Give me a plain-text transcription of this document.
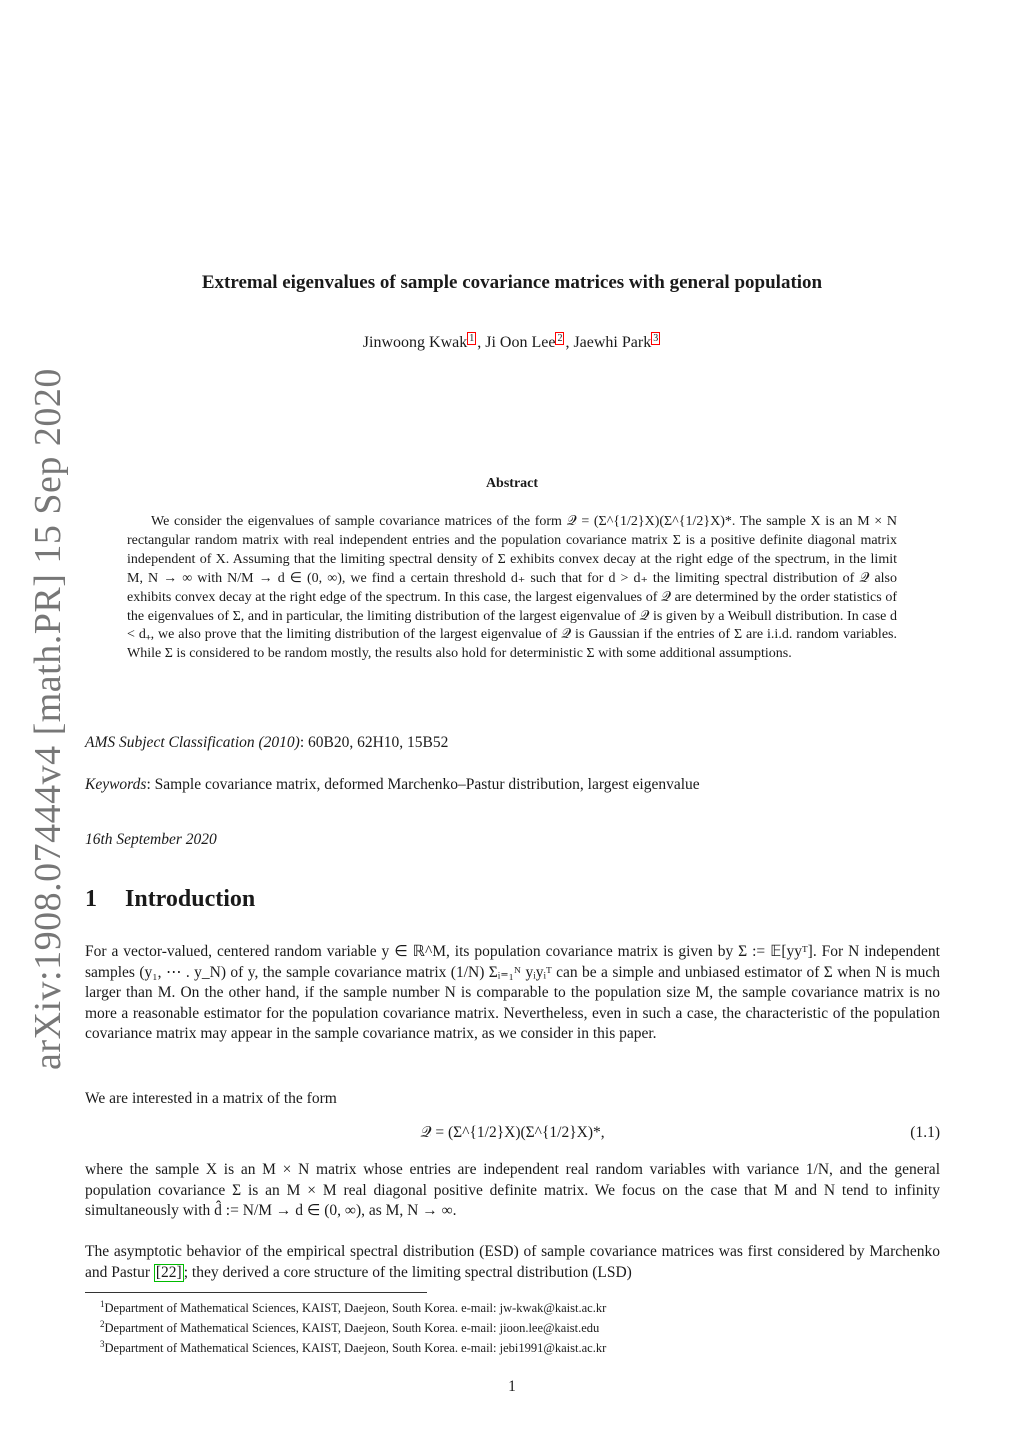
arXiv:1908.07444v4 [math.PR] 15 Sep 2020
Extremal eigenvalues of sample covariance matrices with general population
Jinwoong Kwak 1 , Ji Oon Lee 2 , Jaewhi Park 3
Abstract
We consider the eigenvalues of sample covariance matrices of the form 𝒬 = (Σ^{1/2}X)(Σ^{1/2}X)*. The sample X is an M × N rectangular random matrix with real independent entries and the population covariance matrix Σ is a positive definite diagonal matrix independent of X. Assuming that the limiting spectral density of Σ exhibits convex decay at the right edge of the spectrum, in the limit M, N → ∞ with N/M → d ∈ (0, ∞), we find a certain threshold d₊ such that for d > d₊ the limiting spectral distribution of 𝒬 also exhibits convex decay at the right edge of the spectrum. In this case, the largest eigenvalues of 𝒬 are determined by the order statistics of the eigenvalues of Σ, and in particular, the limiting distribution of the largest eigenvalue of 𝒬 is given by a Weibull distribution. In case d < d₊, we also prove that the limiting distribution of the largest eigenvalue of 𝒬 is Gaussian if the entries of Σ are i.i.d. random variables. While Σ is considered to be random mostly, the results also hold for deterministic Σ with some additional assumptions.
AMS Subject Classification (2010): 60B20, 62H10, 15B52
Keywords: Sample covariance matrix, deformed Marchenko–Pastur distribution, largest eigenvalue
16th September 2020
1 Introduction
For a vector-valued, centered random variable y ∈ ℝ^M, its population covariance matrix is given by Σ := 𝔼[yyᵀ]. For N independent samples (y₁, ⋯ . y_N) of y, the sample covariance matrix (1/N) Σᵢ₌₁ᴺ yᵢyᵢᵀ can be a simple and unbiased estimator of Σ when N is much larger than M. On the other hand, if the sample number N is comparable to the population size M, the sample covariance matrix is no more a reasonable estimator for the population covariance matrix. Nevertheless, even in such a case, the characteristic of the population covariance matrix may appear in the sample covariance matrix, as we consider in this paper.
We are interested in a matrix of the form
𝒬 = (Σ^{1/2}X)(Σ^{1/2}X)*,	(1.1)
where the sample X is an M × N matrix whose entries are independent real random variables with variance 1/N, and the general population covariance Σ is an M × M real diagonal positive definite matrix. We focus on the case that M and N tend to infinity simultaneously with d̂ := N/M → d ∈ (0, ∞), as M, N → ∞.
The asymptotic behavior of the empirical spectral distribution (ESD) of sample covariance matrices was first considered by Marchenko and Pastur [22] ; they derived a core structure of the limiting spectral distribution (LSD)
$^1$Department of Mathematical Sciences, KAIST, Daejeon, South Korea. e-mail: jw-kwak@kaist.ac.kr
$^2$Department of Mathematical Sciences, KAIST, Daejeon, South Korea. e-mail: jioon.lee@kaist.edu
$^3$Department of Mathematical Sciences, KAIST, Daejeon, South Korea. e-mail: jebi1991@kaist.ac.kr
1
